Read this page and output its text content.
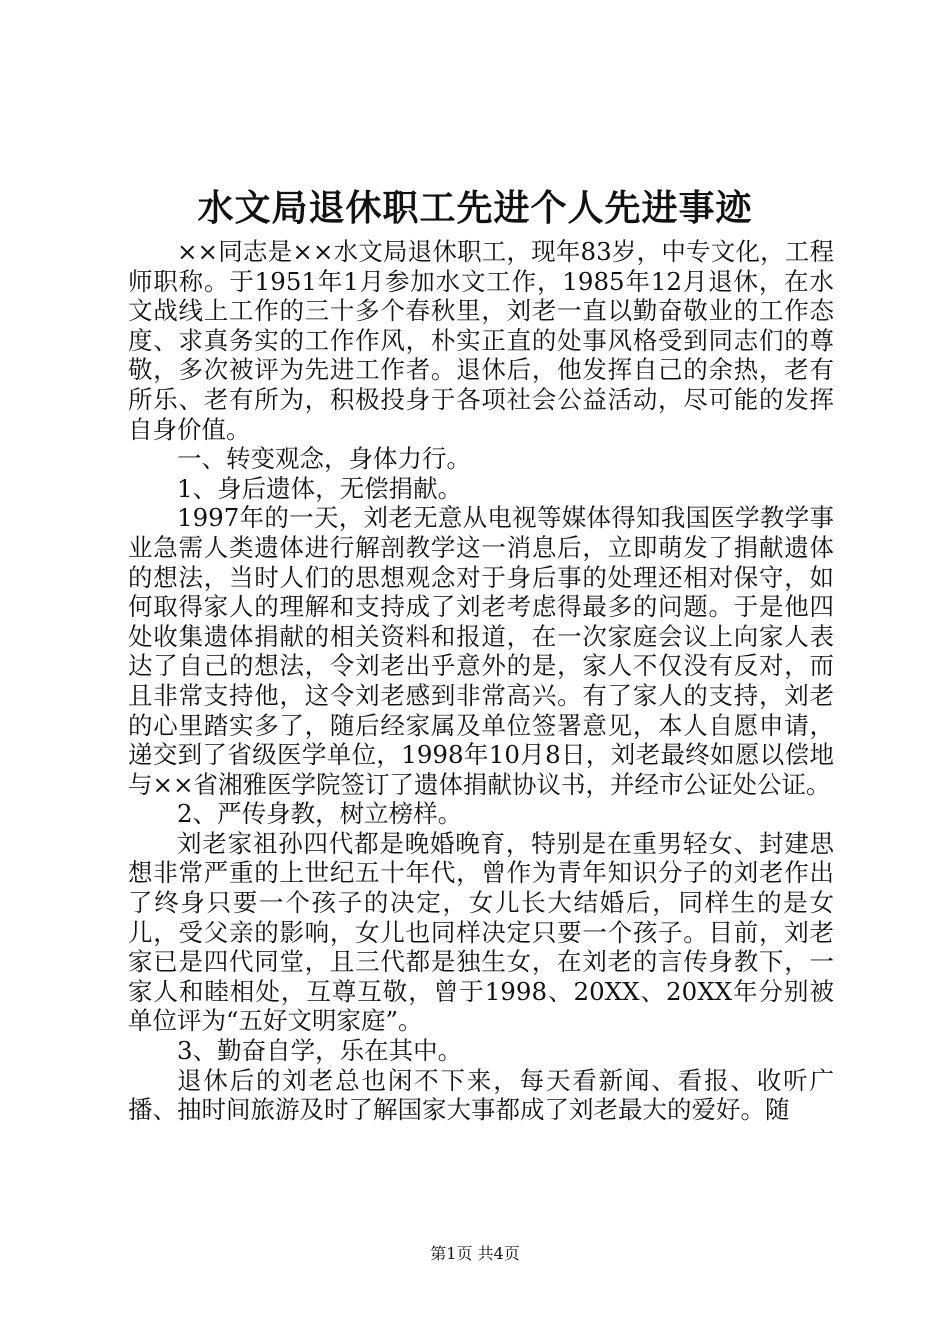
水文局退休职工先进个人先进事迹

××同志是××水文局退休职工，现年83岁，中专文化，工程师职称。于1951年1月参加水文工作，1985年12月退休，在水文战线上工作的三十多个春秋里，刘老一直以勤奋敬业的工作态度、求真务实的工作作风，朴实正直的处事风格受到同志们的尊敬，多次被评为先进工作者。退休后，他发挥自己的余热，老有所乐、老有所为，积极投身于各项社会公益活动，尽可能的发挥自身价值。

一、转变观念，身体力行。

1、身后遗体，无偿捐献。

1997年的一天，刘老无意从电视等媒体得知我国医学教学事业急需人类遗体进行解剖教学这一消息后，立即萌发了捐献遗体的想法，当时人们的思想观念对于身后事的处理还相对保守，如何取得家人的理解和支持成了刘老考虑得最多的问题。于是他四处收集遗体捐献的相关资料和报道，在一次家庭会议上向家人表达了自己的想法，令刘老出乎意外的是，家人不仅没有反对，而且非常支持他，这令刘老感到非常高兴。有了家人的支持，刘老的心里踏实多了，随后经家属及单位签署意见，本人自愿申请，递交到了省级医学单位，1998年10月8日，刘老最终如愿以偿地与××省湘雅医学院签订了遗体捐献协议书，并经市公证处公证。

2、严传身教，树立榜样。

刘老家祖孙四代都是晚婚晚育，特别是在重男轻女、封建思想非常严重的上世纪五十年代，曾作为青年知识分子的刘老作出了终身只要一个孩子的决定，女儿长大结婚后，同样生的是女儿，受父亲的影响，女儿也同样决定只要一个孩子。目前，刘老家已是四代同堂，且三代都是独生女，在刘老的言传身教下，一家人和睦相处，互尊互敬，曾于1998、20XX、20XX年分别被单位评为“五好文明家庭”。

3、勤奋自学，乐在其中。

退休后的刘老总也闲不下来，每天看新闻、看报、收听广播、抽时间旅游及时了解国家大事都成了刘老最大的爱好。随

第1页 共4页
